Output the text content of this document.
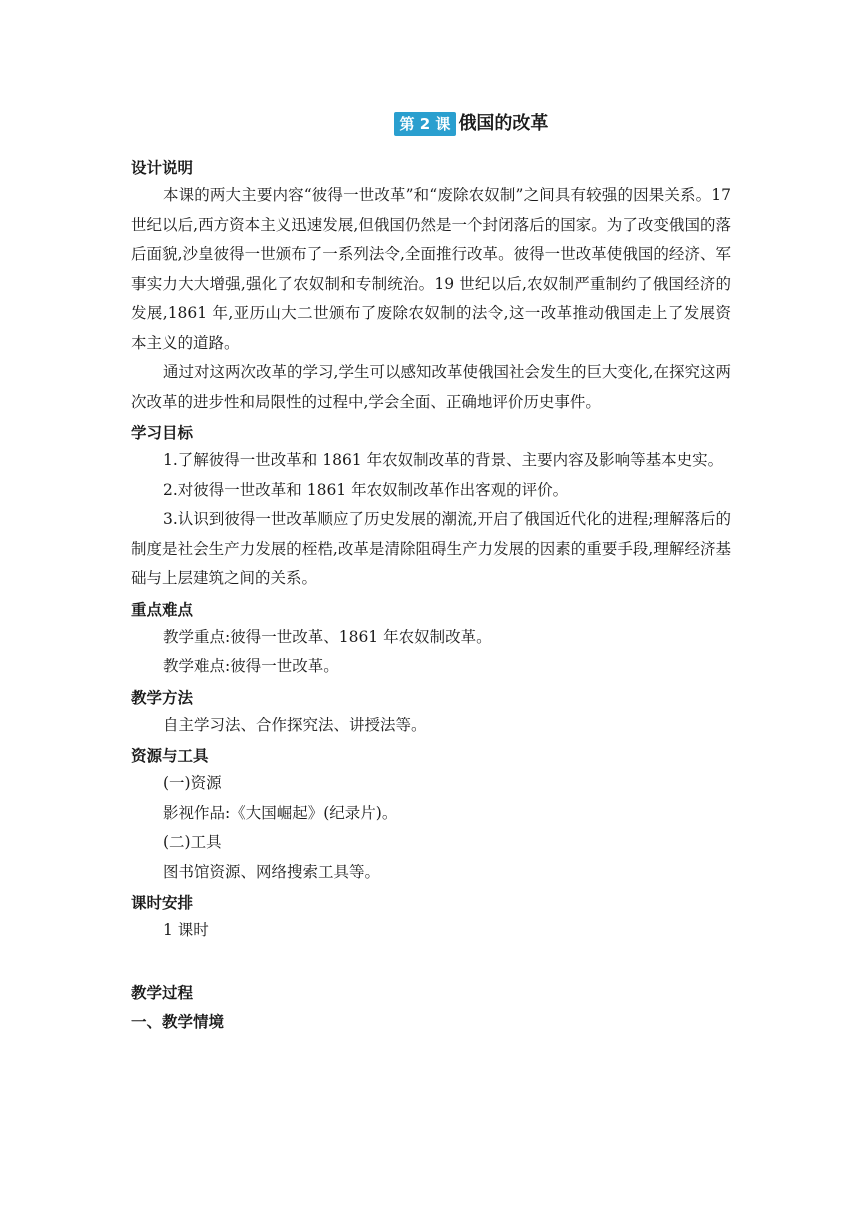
第 2 课 俄国的改革
设计说明

本课的两大主要内容“彼得一世改革”和“废除农奴制”之间具有较强的因果关系。17 世纪以后,西方资本主义迅速发展,但俄国仍然是一个封闭落后的国家。为了改变俄国的落后面貌,沙皇彼得一世颁布了一系列法令,全面推行改革。彼得一世改革使俄国的经济、军事实力大大增强,强化了农奴制和专制统治。19 世纪以后,农奴制严重制约了俄国经济的发展,1861 年,亚历山大二世颁布了废除农奴制的法令,这一改革推动俄国走上了发展资本主义的道路。

通过对这两次改革的学习,学生可以感知改革使俄国社会发生的巨大变化,在探究这两次改革的进步性和局限性的过程中,学会全面、正确地评价历史事件。

学习目标

1.了解彼得一世改革和 1861 年农奴制改革的背景、主要内容及影响等基本史实。

2.对彼得一世改革和 1861 年农奴制改革作出客观的评价。

3.认识到彼得一世改革顺应了历史发展的潮流,开启了俄国近代化的进程;理解落后的制度是社会生产力发展的桎梏,改革是清除阻碍生产力发展的因素的重要手段,理解经济基础与上层建筑之间的关系。

重点难点

教学重点:彼得一世改革、1861 年农奴制改革。

教学难点:彼得一世改革。

教学方法

自主学习法、合作探究法、讲授法等。

资源与工具

(一)资源

影视作品:《大国崛起》(纪录片)。

(二)工具

图书馆资源、网络搜索工具等。

课时安排

1 课时

教学过程
一、教学情境
